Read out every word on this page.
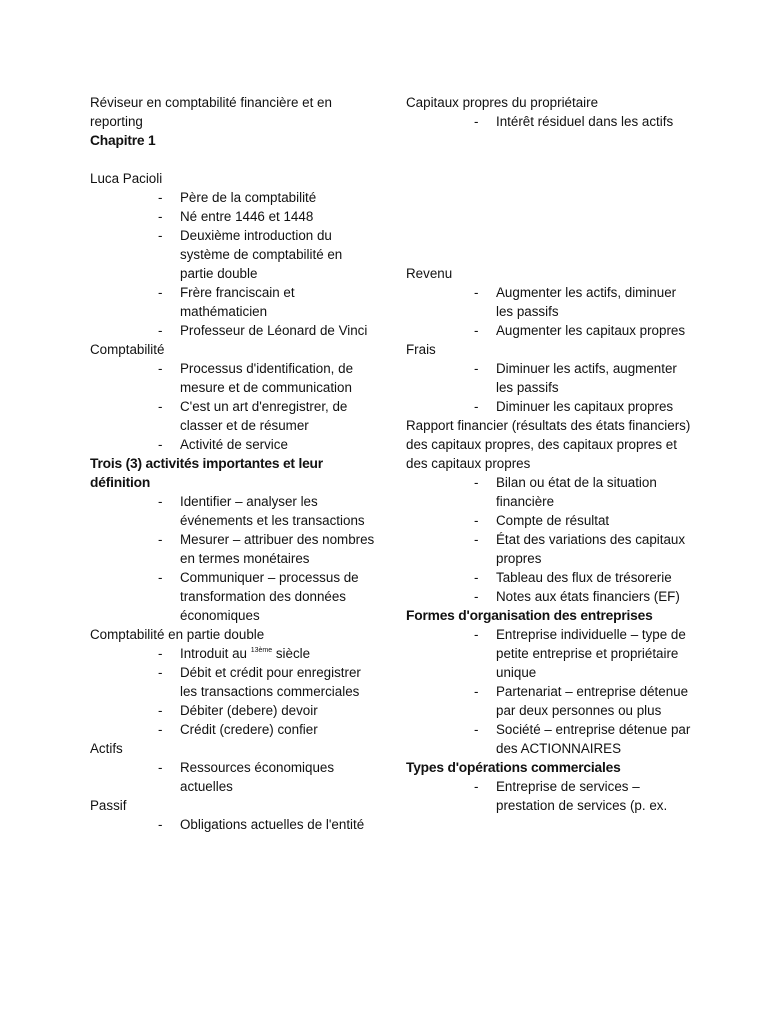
Réviseur en comptabilité financière et en reporting

Chapitre 1

Luca Pacioli

- Père de la comptabilité
- Né entre 1446 et 1448
- Deuxième introduction du système de comptabilité en partie double
- Frère franciscain et mathématicien
- Professeur de Léonard de Vinci

Comptabilité

- Processus d'identification, de mesure et de communication
- C'est un art d'enregistrer, de classer et de résumer
- Activité de service

Trois (3) activités importantes et leur définition

- Identifier – analyser les événements et les transactions
- Mesurer – attribuer des nombres en termes monétaires
- Communiquer – processus de transformation des données économiques

Comptabilité en partie double

- Introduit au $^{13ème}$ siècle
- Débit et crédit pour enregistrer les transactions commerciales
- Débiter (debere) devoir
- Crédit (credere) confier

Actifs

- Ressources économiques actuelles

Passif

- Obligations actuelles de l'entité

Capitaux propres du propriétaire

- Intérêt résiduel dans les actifs

Revenu

- Augmenter les actifs, diminuer les passifs
- Augmenter les capitaux propres

Frais

- Diminuer les actifs, augmenter les passifs
- Diminuer les capitaux propres

Rapport financier (résultats des états financiers) des capitaux propres, des capitaux propres et des capitaux propres

- Bilan ou état de la situation financière
- Compte de résultat
- État des variations des capitaux propres
- Tableau des flux de trésorerie
- Notes aux états financiers (EF)

Formes d'organisation des entreprises

- Entreprise individuelle – type de petite entreprise et propriétaire unique
- Partenariat – entreprise détenue par deux personnes ou plus
- Société – entreprise détenue par des ACTIONNAIRES

Types d'opérations commerciales

- Entreprise de services – prestation de services (p. ex.
